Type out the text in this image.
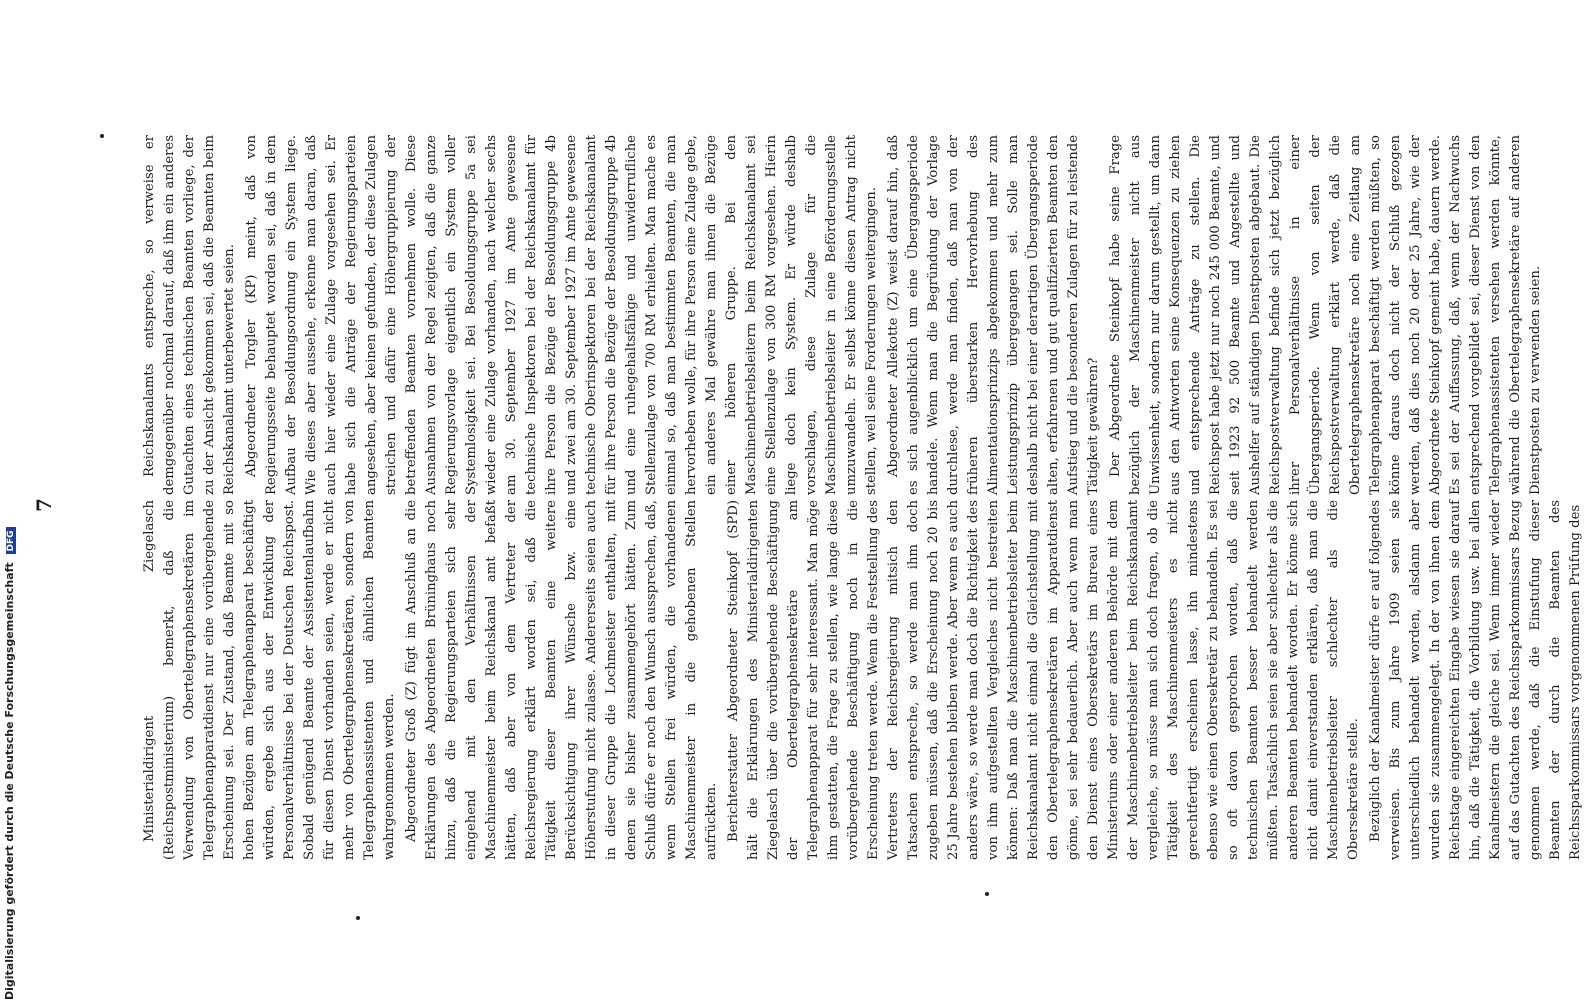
7	Ministerialdirigent Ziegelasch (Reichspostministerium) bemerkt, daß die Verwendung von Obertelegraphensekretären im Telegraphenapparatdienst nur eine vorübergehende Erscheinung sei. Der Zustand, daß Beamte mit so hohen Bezügen am Telegraphenapparat beschäftigt würden, ergebe sich aus der Entwicklung der Personalverhältnisse bei der Deutschen Reichspost. Sobald genügend Beamte der Assistentenlaufbahn für diesen Dienst vorhanden seien, werde er nicht mehr von Obertelegraphensekretären, sondern von Telegraphenassistenten und ähnlichen Beamten wahrgenommen werden. Abgeordneter Groß (Z) fügt im Anschluß an die Erklärungen des Abgeordneten Brüninghaus noch hinzu, daß die Regierungsparteien sich sehr eingehend mit den Verhältnissen der Maschinenmeister beim Reichskanal amt befaßt hätten, daß aber von dem Vertreter der Reichsregierung erklärt worden sei, daß die Tätigkeit dieser Beamten eine weitere Berücksichtigung ihrer Wünsche bzw. eine Höherstufung nicht zulasse. Andererseits seien auch in dieser Gruppe die Lochmeister enthalten, mit denen sie bisher zusammengehört hätten. Zum Schluß dürfe er noch den Wunsch aussprechen, daß, wenn Stellen frei würden, die vorhandenen Maschinenmeister in die gehobenen Stellen aufrückten. Berichterstatter Abgeordneter Steinkopf (SPD) hält die Erklärungen des Ministerialdirigenten Ziegelasch über die vorübergehende Beschäftigung der Obertelegraphensekretäre am Telegraphenapparat für sehr interessant. Man möge ihm gestatten, die Frage zu stellen, wie lange diese vorübergehende Beschäftigung noch in die Erscheinung treten werde. Wenn die Feststellung des Vertreters der Reichsregierung mitsich den Tatsachen entspreche, so werde man ihm doch zugeben müssen, daß die Erscheinung noch 20 bis 25 Jahre bestehen bleiben werde. Aber wenn es auch anders wäre, so werde man doch die Richtigkeit des von ihm aufgestellten Vergleiches nicht bestreiten können: Daß man die Maschinenbetriebsleiter beim Reichskanalamt nicht einmal die Gleichstellung mit den Obertelegraphensekretären im Apparatdienst gönne, sei sehr bedauerlich. Aber auch wenn man den Dienst eines Obersekretärs im Bureau eines Ministeriums oder einer anderen Behörde mit dem der Maschinenbetriebsleiter beim Reichskanalamt vergleiche, so müsse man sich doch fragen, ob die Tätigkeit des Maschinenmeisters es nicht gerechtfertigt erscheinen lasse, ihn mindestens ebenso wie einen Obersekretär zu behandeln. Es sei so oft davon gesprochen worden, daß die technischen Beamten besser behandelt werden müßten. Tatsächlich seien sie aber schlechter als die anderen Beamten behandelt worden. Er könne sich nicht damit einverstanden erklären, daß man die Maschinenbetriebsleiter schlechter als die Obersekretäre stelle. Bezüglich der Kanalmeister dürfe er auf folgendes verweisen. Bis zum Jahre 1909 seien sie unterschiedlich behandelt worden, alsdann aber wurden sie zusammengelegt. In der von ihnen dem Reichstage eingereichten Eingabe wiesen sie darauf hin, daß die Tätigkeit, die Vorbildung usw. bei allen Kanalmeistern die gleiche sei. Wenn immer wieder auf das Gutachten des Reichssparkommissars Bezug genommen werde, daß die Einstufung dieser Beamten der durch die Beamten des Reichssparkommissars vorgenommenen Prüfung des

Reichskanalamts entspreche, so verweise er demgegenüber nochmal darauf, daß ihm ein anderes Gutachten eines technischen Beamten vorliege, der zu der Ansicht gekommen sei, daß die Beamten beim Reichskanalamt unterbewertet seien. Abgeordneter Torgler (KP) meint, daß von Regierungsseite behauptet worden sei, daß in dem Aufbau der Besoldungsordnung ein System liege. Wie dieses aber aussehe, erkenne man daran, daß auch hier wieder eine Zulage vorgesehen sei. Er habe sich die Anträge der Regierungsparteien angesehen, aber keinen gefunden, der diese Zulagen streichen und dafür eine Höhergruppierung der betreffenden Beamten vornehmen wolle. Diese Ausnahmen von der Regel zeigten, daß die ganze Regierungsvorlage eigentlich ein System voller Systemlosigkeit sei. Bei Besoldungsgruppe 5a sei wieder eine Zulage vorhanden, nach welcher sechs am 30. September 1927 im Amte gewesene technische Inspektoren bei der Reichskanalamt für ihre Person die Bezüge der Besoldungsgruppe 4b und zwei am 30. September 1927 im Amte gewesene technische Oberinspektoren bei der Reichskanalamt für ihre Person die Bezüge der Besoldungsgruppe 4b und eine ruhegehaltsfähige und unwiderrufliche Stellenzulage von 700 RM erhielten. Man mache es einmal so, daß man bestimmten Beamten, die man hervorheben wolle, für ihre Person eine Zulage gebe, ein anderes Mal gewähre man ihnen die Bezüge einer höheren Gruppe. Bei den Maschinenbetriebsleitern beim Reichskanalamt sei eine Stellenzulage von 300 RM vorgesehen. Hierin liege doch kein System. Er würde deshalb vorschlagen, diese Zulage für die Maschinenbetriebsleiter in eine Beförderungsstelle umzuwandeln. Er selbst könne diesen Antrag nicht stellen, weil seine Forderungen weitergingen. Abgeordneter Allekotte (Z) weist darauf hin, daß es sich augenblicklich um eine Übergangsperiode handele. Wenn man die Begründung der Vorlage durchlese, werde man finden, daß man von der früheren überstarken Hervorhebung des Alimentationsprinzips abgekommen und mehr zum Leistungsprinzip übergegangen sei. Solle man deshalb nicht bei einer derartigen Übergangsperiode alten, erfahrenen und gut qualifizierten Beamten den Aufstieg und die besonderen Zulagen für zu leistende Tätigkeit gewähren? Der Abgeordnete Steinkopf habe seine Frage bezüglich der Maschinenmeister nicht aus Unwissenheit, sondern nur darum gestellt, um dann aus den Antworten seine Konsequenzen zu ziehen und entsprechende Anträge zu stellen. Die Reichspost habe jetzt nur noch 245 000 Beamte, und seit 1923 92 500 Beamte und Angestellte und Aushelfer auf ständigen Dienstposten abgebaut. Die Reichspostverwaltung befinde sich jetzt bezüglich ihrer Personalverhältnisse in einer Übergangsperiode. Wenn von seiten der Reichspostverwaltung erklärt werde, daß die Obertelegraphensekretäre noch eine Zeitlang am Telegraphenapparat beschäftigt werden müßten, so könne daraus doch nicht der Schluß gezogen werden, daß dies noch 20 oder 25 Jahre, wie der Abgeordnete Steinkopf gemeint habe, dauern werde. Es sei der Auffassung, daß, wenn der Nachwuchs entsprechend vorgebildet sei, dieser Dienst von den Telegraphenassistenten versehen werden könnte, während die Obertelegraphensekretäre auf anderen Dienstposten zu verwenden seien.

Digitalisierung gefördert durch die Deutsche Forschungsgemeinschaft DFG
